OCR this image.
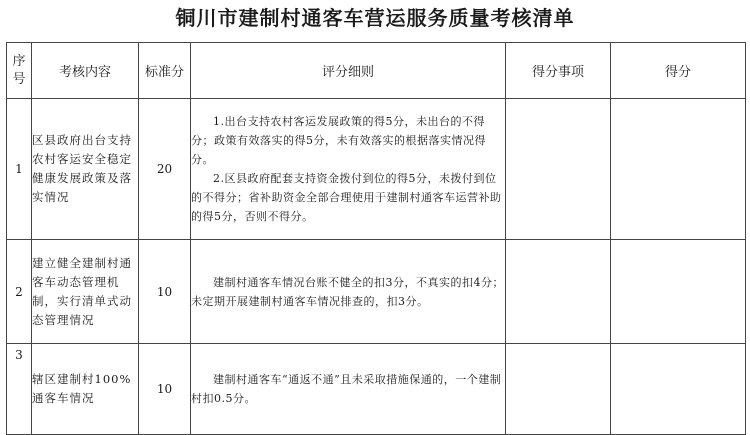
铜川市建制村通客车营运服务质量考核清单
序号	考核内容	标准分	评分细则	得分事项	得分
1	区县政府出台支持农村客运安全稳定健康发展政策及落实情况	20	1.出台支持农村客运发展政策的得5分，未出台的不得分；政策有效落实的得5分，未有效落实的根据落实情况得分。

2.区县政府配套支持资金拨付到位的得5分，未拨付到位的不得分；省补助资金全部合理使用于建制村通客车运营补助的得5分，否则不得分。		

2	建立健全建制村通客车动态管理机制，实行清单式动态管理情况	10	建制村通客车情况台账不健全的扣3分，不真实的扣4分；未定期开展建制村通客车情况排查的，扣3分。		

3	辖区建制村100%通客车情况	10	建制村通客车“通返不通”且未采取措施保通的，一个建制村扣0.5分。		
